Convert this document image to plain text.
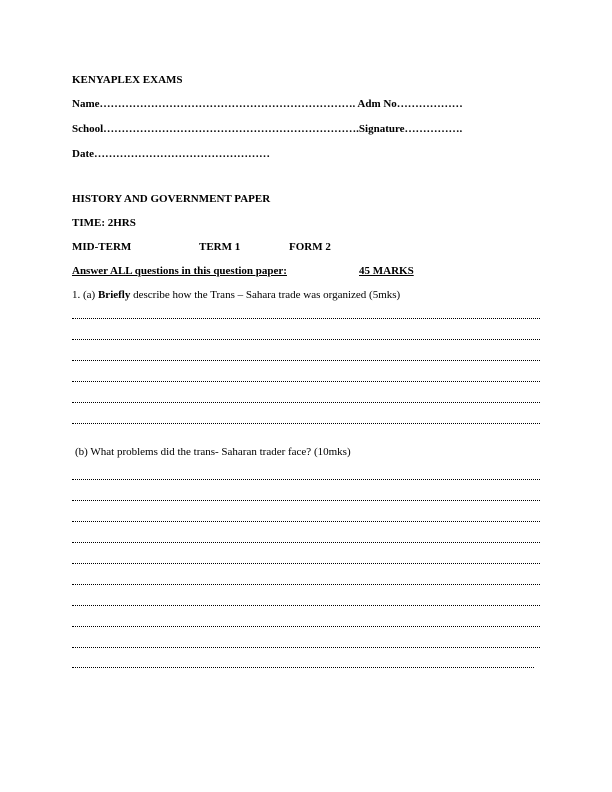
KENYAPLEX EXAMS
Name……………………………………………………………. Adm No………………
School…………………………………………………………….Signature…………….
Date…………………………………………
HISTORY AND GOVERNMENT PAPER
TIME: 2HRS
MID-TERM	TERM 1	FORM 2
Answer ALL questions in this question paper:	45 MARKS
1. (a) Briefly describe how the Trans – Sahara trade was organized (5mks)
(b) What problems did the trans- Saharan trader face? (10mks)
